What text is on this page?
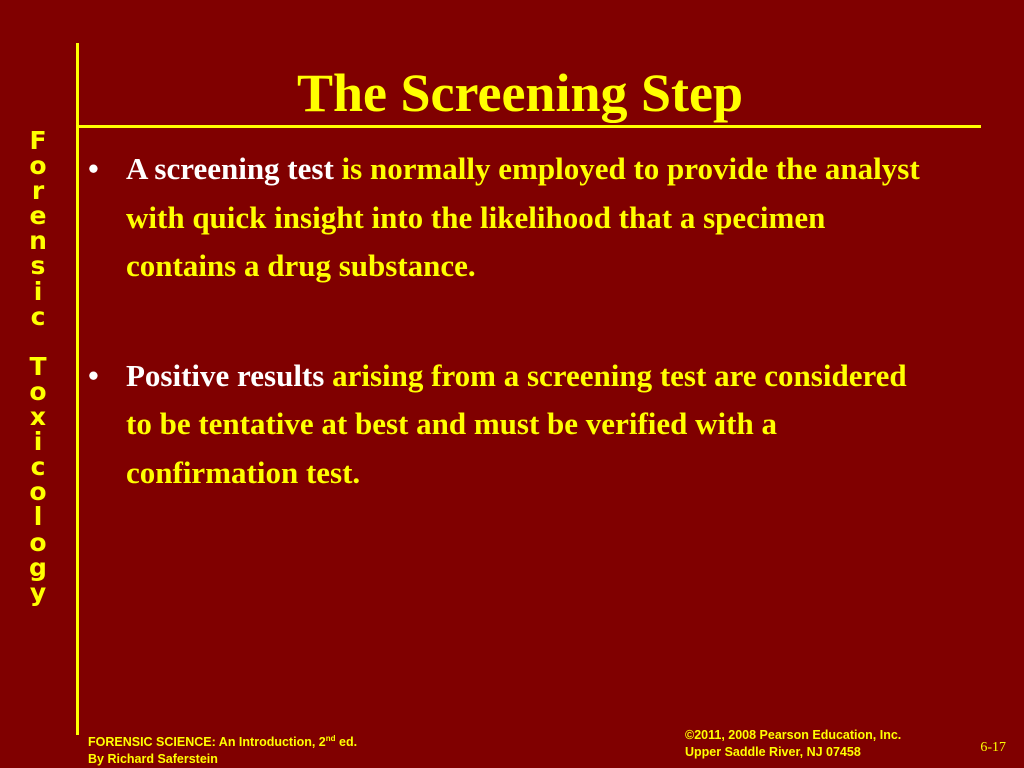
F
o
r
e
n
s
i
c

T
o
x
i
c
o
l
o
g
y
The Screening Step
• A screening test is normally employed to provide the analyst with quick insight into the likelihood that a specimen contains a drug substance.
• Positive results arising from a screening test are considered to be tentative at best and must be verified with a confirmation test.
FORENSIC SCIENCE: An Introduction, 2nd ed.
By Richard Saferstein
©2011, 2008 Pearson Education, Inc.
Upper Saddle River, NJ 07458	6-17
